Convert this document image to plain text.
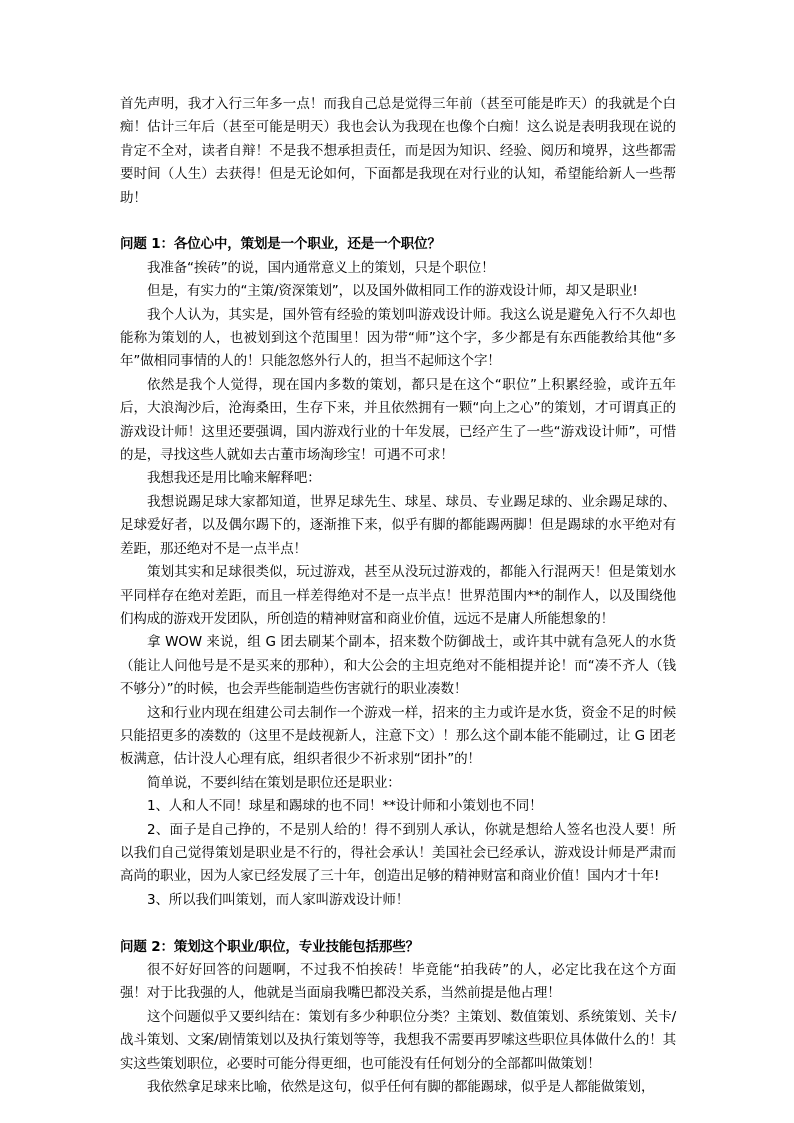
首先声明，我才入行三年多一点！而我自己总是觉得三年前（甚至可能是昨天）的我就是个白痴！估计三年后（甚至可能是明天）我也会认为我现在也像个白痴！这么说是表明我现在说的肯定不全对，读者自辩！不是我不想承担责任，而是因为知识、经验、阅历和境界，这些都需要时间（人生）去获得！但是无论如何，下面都是我现在对行业的认知，希望能给新人一些帮助！

问题 1：各位心中，策划是一个职业，还是一个职位？

我准备“挨砖”的说，国内通常意义上的策划，只是个职位！

但是，有实力的“主策/资深策划”，以及国外做相同工作的游戏设计师，却又是职业!

我个人认为，其实是，国外管有经验的策划叫游戏设计师。我这么说是避免入行不久却也能称为策划的人，也被划到这个范围里！因为带“师”这个字，多少都是有东西能教给其他“多年”做相同事情的人的！只能忽悠外行人的，担当不起师这个字！

依然是我个人觉得，现在国内多数的策划，都只是在这个“职位”上积累经验，或许五年后，大浪淘沙后，沧海桑田，生存下来，并且依然拥有一颗“向上之心”的策划，才可谓真正的游戏设计师！这里还要强调，国内游戏行业的十年发展，已经产生了一些“游戏设计师”，可惜的是，寻找这些人就如去古董市场淘珍宝！可遇不可求！

我想我还是用比喻来解释吧：

我想说踢足球大家都知道，世界足球先生、球星、球员、专业踢足球的、业余踢足球的、足球爱好者，以及偶尔踢下的，逐渐推下来，似乎有脚的都能踢两脚！但是踢球的水平绝对有差距，那还绝对不是一点半点！

策划其实和足球很类似，玩过游戏，甚至从没玩过游戏的，都能入行混两天！但是策划水平同样存在绝对差距，而且一样差得绝对不是一点半点！世界范围内**的制作人，以及围绕他们构成的游戏开发团队，所创造的精神财富和商业价值，远远不是庸人所能想象的！

拿 WOW 来说，组 G 团去刷某个副本，招来数个防御战士，或许其中就有急死人的水货（能让人问他号是不是买来的那种），和大公会的主坦克绝对不能相提并论！而“凑不齐人（钱不够分）”的时候，也会弄些能制造些伤害就行的职业凑数！

这和行业内现在组建公司去制作一个游戏一样，招来的主力或许是水货，资金不足的时候只能招更多的凑数的（这里不是歧视新人，注意下文）！那么这个副本能不能刷过，让 G 团老板满意，估计没人心理有底，组织者很少不祈求别“团扑”的！

简单说，不要纠结在策划是职位还是职业：

1、人和人不同！球星和踢球的也不同！**设计师和小策划也不同！

2、面子是自己挣的，不是别人给的！得不到别人承认，你就是想给人签名也没人要！所以我们自己觉得策划是职业是不行的，得社会承认！美国社会已经承认，游戏设计师是严肃而高尚的职业，因为人家已经发展了三十年，创造出足够的精神财富和商业价值！国内才十年!

3、所以我们叫策划，而人家叫游戏设计师！

问题 2：策划这个职业/职位，专业技能包括那些？

很不好好回答的问题啊，不过我不怕挨砖！毕竟能“拍我砖”的人，必定比我在这个方面强！对于比我强的人，他就是当面扇我嘴巴都没关系，当然前提是他占理！

这个问题似乎又要纠结在：策划有多少种职位分类？主策划、数值策划、系统策划、关卡/战斗策划、文案/剧情策划以及执行策划等等，我想我不需要再罗嗦这些职位具体做什么的！其实这些策划职位，必要时可能分得更细，也可能没有任何划分的全部都叫做策划！

我依然拿足球来比喻，依然是这句，似乎任何有脚的都能踢球，似乎是人都能做策划，
